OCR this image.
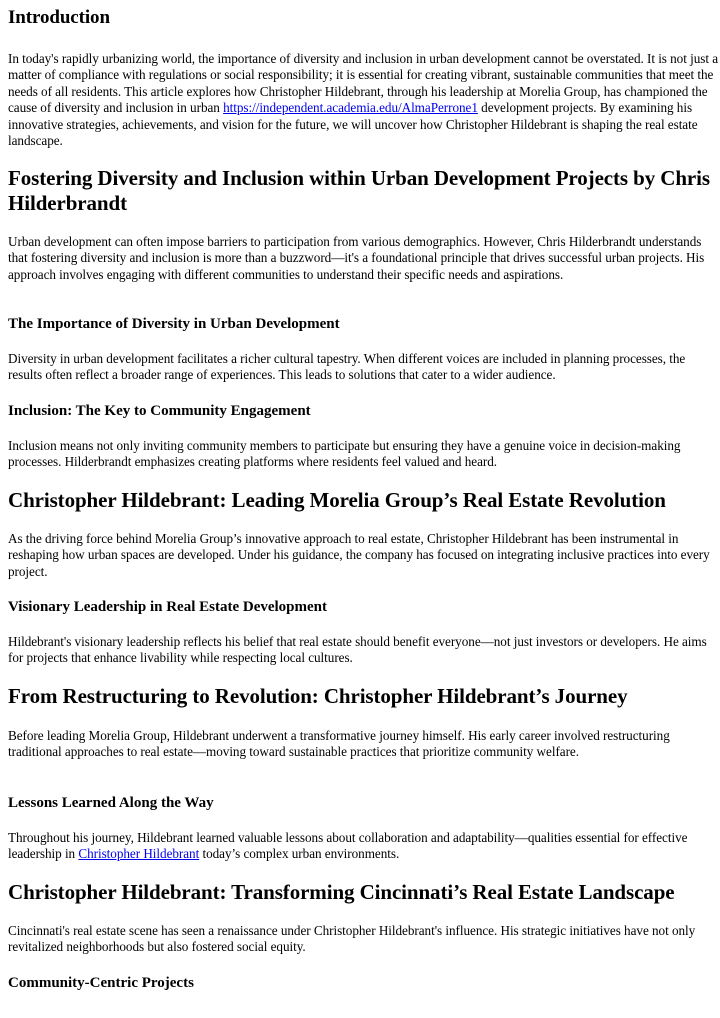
Introduction

In today's rapidly urbanizing world, the importance of diversity and inclusion in urban development cannot be overstated. It is not just a matter of compliance with regulations or social responsibility; it is essential for creating vibrant, sustainable communities that meet the needs of all residents. This article explores how Christopher Hildebrant, through his leadership at Morelia Group, has championed the cause of diversity and inclusion in urban https://independent.academia.edu/AlmaPerrone1 development projects. By examining his innovative strategies, achievements, and vision for the future, we will uncover how Christopher Hildebrant is shaping the real estate landscape.

Fostering Diversity and Inclusion within Urban Development Projects by Chris Hilderbrandt

Urban development can often impose barriers to participation from various demographics. However, Chris Hilderbrandt understands that fostering diversity and inclusion is more than a buzzword—it's a foundational principle that drives successful urban projects. His approach involves engaging with different communities to understand their specific needs and aspirations.

The Importance of Diversity in Urban Development

Diversity in urban development facilitates a richer cultural tapestry. When different voices are included in planning processes, the results often reflect a broader range of experiences. This leads to solutions that cater to a wider audience.

Inclusion: The Key to Community Engagement

Inclusion means not only inviting community members to participate but ensuring they have a genuine voice in decision-making processes. Hilderbrandt emphasizes creating platforms where residents feel valued and heard.

Christopher Hildebrant: Leading Morelia Group’s Real Estate Revolution

As the driving force behind Morelia Group’s innovative approach to real estate, Christopher Hildebrant has been instrumental in reshaping how urban spaces are developed. Under his guidance, the company has focused on integrating inclusive practices into every project.

Visionary Leadership in Real Estate Development

Hildebrant's visionary leadership reflects his belief that real estate should benefit everyone—not just investors or developers. He aims for projects that enhance livability while respecting local cultures.

From Restructuring to Revolution: Christopher Hildebrant’s Journey

Before leading Morelia Group, Hildebrant underwent a transformative journey himself. His early career involved restructuring traditional approaches to real estate—moving toward sustainable practices that prioritize community welfare.

Lessons Learned Along the Way

Throughout his journey, Hildebrant learned valuable lessons about collaboration and adaptability—qualities essential for effective leadership in Christopher Hildebrant today’s complex urban environments.

Christopher Hildebrant: Transforming Cincinnati’s Real Estate Landscape

Cincinnati's real estate scene has seen a renaissance under Christopher Hildebrant's influence. His strategic initiatives have not only revitalized neighborhoods but also fostered social equity.

Community-Centric Projects
